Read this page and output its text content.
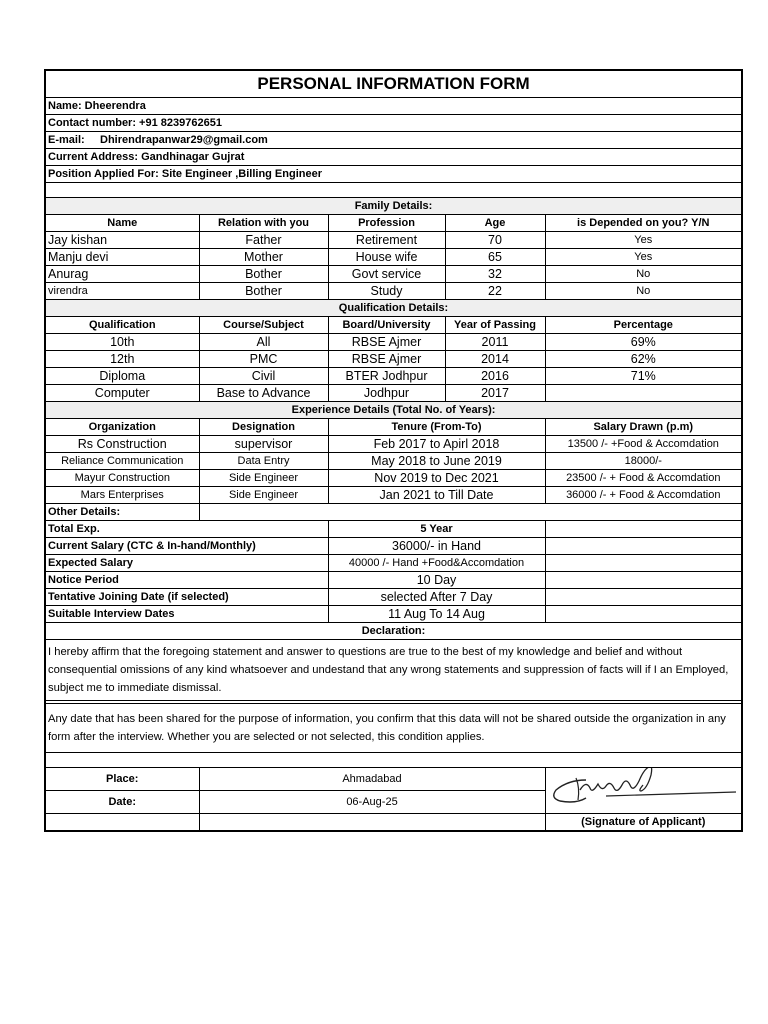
PERSONAL INFORMATION FORM				
Name: Dheerendra				
Contact number: +91 8239762651				
E-mail: Dhirendrapanwar29@gmail.com				
Current Address: Gandhinagar Gujrat				
Position Applied For: Site Engineer ,Billing Engineer				

Family Details:				
Name	Relation with you	Profession	Age	is Depended on you? Y/N
Jay kishan	Father	Retirement	70	Yes
Manju devi	Mother	House wife	65	Yes
Anurag	Bother	Govt service	32	No
virendra	Bother	Study	22	No
Qualification Details:				
Qualification	Course/Subject	Board/University	Year of Passing	Percentage
10th	All	RBSE Ajmer	2011	69%
12th	PMC	RBSE Ajmer	2014	62%
Diploma	Civil	BTER Jodhpur	2016	71%
Computer	Base to Advance	Jodhpur	2017	
Experience Details (Total No. of Years):				
Organization	Designation	Tenure (From-To)		Salary Drawn (p.m)
Rs Construction	supervisor	Feb 2017 to Apirl 2018		13500 /- +Food & Accomdation
Reliance Communication	Data Entry	May 2018 to June 2019		18000/-
Mayur Construction	Side Engineer	Nov 2019 to Dec 2021		23500 /- + Food & Accomdation
Mars Enterprises	Side Engineer	Jan 2021 to Till Date		36000 /- + Food & Accomdation
Other Details:				
Total Exp.		5 Year		
Current Salary (CTC & In-hand/Monthly)		36000/- in Hand		
Expected Salary		40000 /- Hand +Food&Accomdation		
Notice Period		10 Day		
Tentative Joining Date (if selected)		selected After 7 Day		
Suitable Interview Dates		11 Aug To 14 Aug		
Declaration:				
I hereby affirm that the foregoing statement and answer to questions are true to the best of my knowledge and belief and without consequential omissions of any kind whatsoever and undestand that any wrong statements and suppression of facts will if I an Employed, subject me to immediate dismissal.				

Any date that has been shared for the purpose of information, you confirm that this data will not be shared outside the organization in any form after the interview. Whether you are selected or not selected, this condition applies.				

Place:	Ahmadabad	

Date:	06-Aug-25			
				(Signature of Applicant)
